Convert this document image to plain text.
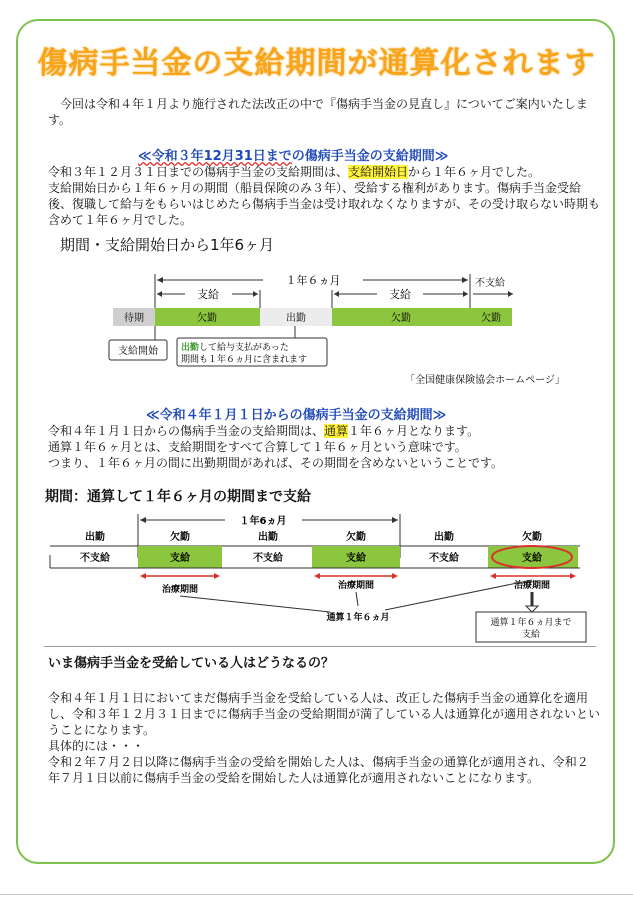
傷病手当金の支給期間が通算化されます
今回は令和４年１月より施行された法改正の中で『傷病手当金の見直し』についてご案内いたします。
≪令和３年12月31日までの傷病手当金の支給期間≫
令和３年１２月３１日までの傷病手当金の支給期間は、支給開始日から１年６ヶ月でした。
支給開始日から１年６ヶ月の期間（船員保険のみ３年）、受給する権利があります。傷病手当金受給後、復職して給与をもらいはじめたら傷病手当金は受け取れなくなりますが、その受け取らない時期も含めて１年６ヶ月でした。
期間・支給開始日から1年6ヶ月
１年６ヵ月
支給	支給
不支給
待期	欠勤	出勤	欠勤	欠勤
支給開始	出勤して給与支払があった
期間も１年６ヵ月に含まれます
「全国健康保険協会ホームページ」
≪令和４年１月１日からの傷病手当金の支給期間≫
令和４年１月１日からの傷病手当金の支給期間は、通算１年６ヶ月となります。
通算１年６ヶ月とは、支給期間をすべて合算して１年６ヶ月という意味です。
つまり、１年６ヶ月の間に出勤期間があれば、その期間を含めないということです。
期間：通算して１年６ヶ月の期間まで支給
１年6ヵ月
出勤	欠勤	出勤	欠勤	出勤	欠勤
不支給	支給	不支給	支給	不支給	支給
治療期間	治療期間	治療期間
通算１年６ヵ月	通算１年６ヵ月まで
支給
いま傷病手当金を受給している人はどうなるの？
令和４年１月１日においてまだ傷病手当金を受給している人は、改正した傷病手当金の通算化を適用し、令和３年１２月３１日までに傷病手当金の受給期間が満了している人は通算化が適用されないということになります。
具体的には・・・
令和２年７月２日以降に傷病手当金の受給を開始した人は、傷病手当金の通算化が適用され、令和２年７月１日以前に傷病手当金の受給を開始した人は通算化が適用されないことになります。
